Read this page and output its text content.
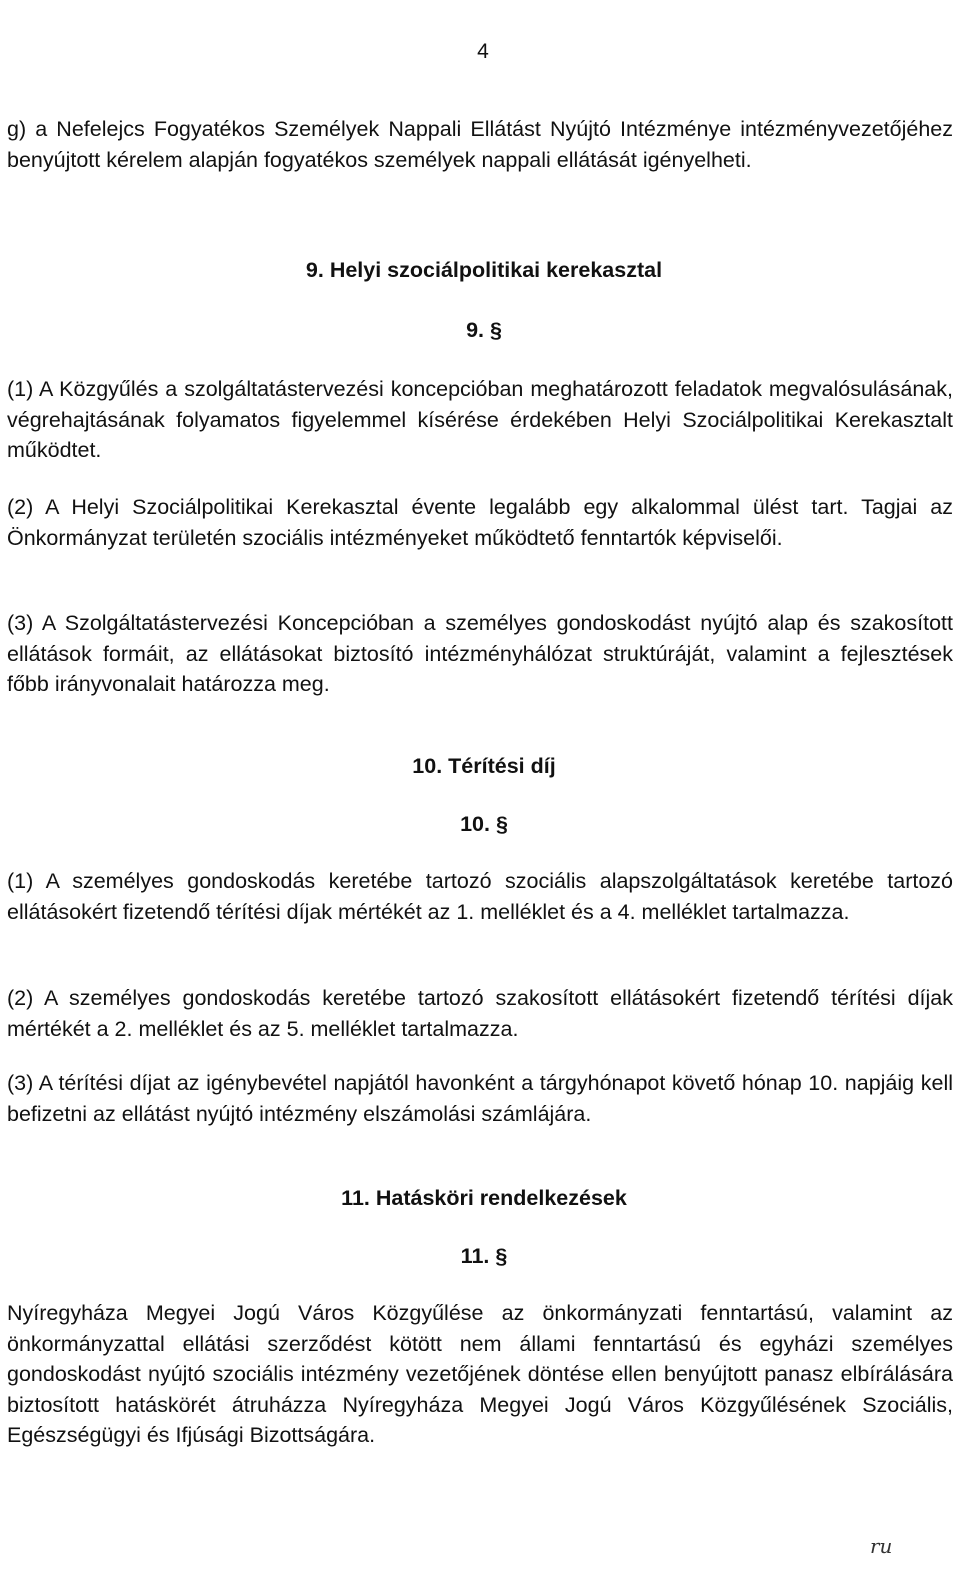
4

g) a Nefelejcs Fogyatékos Személyek Nappali Ellátást Nyújtó Intézménye intézményvezetőjéhez benyújtott kérelem alapján fogyatékos személyek nappali ellátását igényelheti.

9. Helyi szociálpolitikai kerekasztal
9. §

(1) A Közgyűlés a szolgáltatástervezési koncepcióban meghatározott feladatok megvalósulásának, végrehajtásának folyamatos figyelemmel kísérése érdekében Helyi Szociálpolitikai Kerekasztalt működtet.

(2) A Helyi Szociálpolitikai Kerekasztal évente legalább egy alkalommal ülést tart. Tagjai az Önkormányzat területén szociális intézményeket működtető fenntartók képviselői.

(3) A Szolgáltatástervezési Koncepcióban a személyes gondoskodást nyújtó alap és szakosított ellátások formáit, az ellátásokat biztosító intézményhálózat struktúráját, valamint a fejlesztések főbb irányvonalait határozza meg.

10. Térítési díj
10. §

(1) A személyes gondoskodás keretébe tartozó szociális alapszolgáltatások keretébe tartozó ellátásokért fizetendő térítési díjak mértékét az 1. melléklet és a 4. melléklet tartalmazza.

(2) A személyes gondoskodás keretébe tartozó szakosított ellátásokért fizetendő térítési díjak mértékét a 2. melléklet és az 5. melléklet tartalmazza.

(3) A térítési díjat az igénybevétel napjától havonként a tárgyhónapot követő hónap 10. napjáig kell befizetni az ellátást nyújtó intézmény elszámolási számlájára.

11. Hatásköri rendelkezések
11. §

Nyíregyháza Megyei Jogú Város Közgyűlése az önkormányzati fenntartású, valamint az önkormányzattal ellátási szerződést kötött nem állami fenntartású és egyházi személyes gondoskodást nyújtó szociális intézmény vezetőjének döntése ellen benyújtott panasz elbírálására biztosított hatáskörét átruházza Nyíregyháza Megyei Jogú Város Közgyűlésének Szociális, Egészségügyi és Ifjúsági Bizottságára.

ru
